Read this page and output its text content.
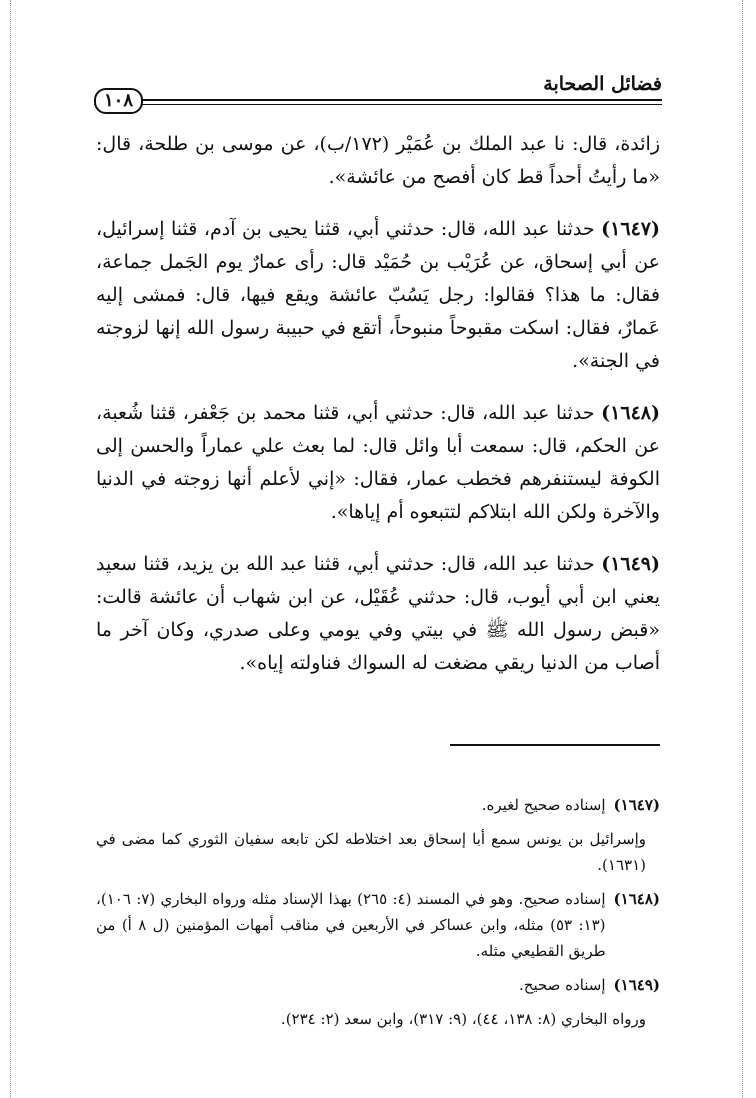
فضائل الصحابة
١٠٨

زائدة، قال: نا عبد الملك بن عُمَيْر (١٧٢/ب)، عن موسى بن طلحة، قال: «ما رأيتُ أحداً قط كان أفصح من عائشة».

(١٦٤٧) حدثنا عبد الله، قال: حدثني أبي، قثنا يحيى بن آدم، قثنا إسرائيل، عن أبي إسحاق، عن عُرَيْب بن حُمَيْد قال: رأى عمارٌ يوم الجَمل جماعة، فقال: ما هذا؟ فقالوا: رجل يَسُبّ عائشة ويقع فيها، قال: فمشى إليه عَمارٌ، فقال: اسكت مقبوحاً منبوحاً، أتقع في حبيبة رسول الله إنها لزوجته في الجنة».

(١٦٤٨) حدثنا عبد الله، قال: حدثني أبي، قثنا محمد بن جَعْفر، قثنا شُعبة، عن الحكم، قال: سمعت أبا وائل قال: لما بعث علي عماراً والحسن إلى الكوفة ليستنفرهم فخطب عمار، فقال: «إني لأعلم أنها زوجته في الدنيا والآخرة ولكن الله ابتلاكم لتتبعوه أم إياها».

(١٦٤٩) حدثنا عبد الله، قال: حدثني أبي، قثنا عبد الله بن يزيد، قثنا سعيد يعني ابن أبي أيوب، قال: حدثني عُقَيْل، عن ابن شهاب أن عائشة قالت: «قبض رسول الله ﷺ في بيتي وفي يومي وعلى صدري، وكان آخر ما أصاب من الدنيا ريقي مضغت له السواك فناولته إياه».

(١٦٤٧)
إسناده صحيح لغيره.
وإسرائيل بن يونس سمع أبا إسحاق بعد اختلاطه لكن تابعه سفيان الثوري كما مضى في (١٦٣١).
(١٦٤٨)
إسناده صحيح. وهو في المسند (٤: ٢٦٥) بهذا الإسناد مثله ورواه البخاري (٧: ١٠٦)، (١٣: ٥٣) مثله، وابن عساكر في الأربعين في مناقب أمهات المؤمنين (ل ٨ أ) من طريق القطيعي مثله.
(١٦٤٩)
إسناده صحيح.
ورواه البخاري (٨: ١٣٨، ٤٤)، (٩: ٣١٧)، وابن سعد (٢: ٢٣٤).
